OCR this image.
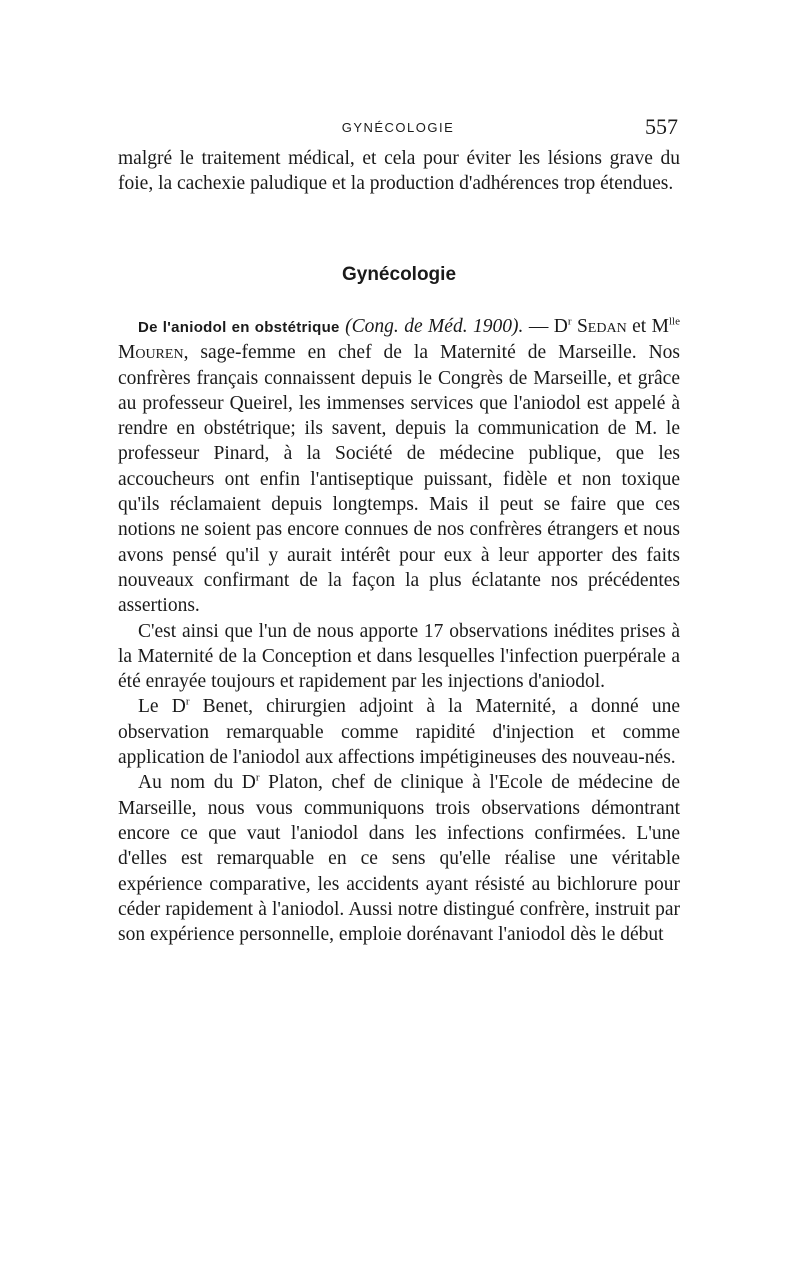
GYNÉCOLOGIE	557

malgré le traitement médical, et cela pour éviter les lésions grave du foie, la cachexie paludique et la production d'adhérences trop étendues.

Gynécologie

De l'aniodol en obstétrique (Cong. de Méd. 1900). — $D^r$ Sedan et $M^{lle}$ Mouren, sage-femme en chef de la Maternité de Marseille. Nos confrères français connaissent depuis le Congrès de Marseille, et grâce au professeur Queirel, les immenses services que l'aniodol est appelé à rendre en obstétrique; ils savent, depuis la communication de M. le professeur Pinard, à la Société de médecine publique, que les accoucheurs ont enfin l'antiseptique puissant, fidèle et non toxique qu'ils réclamaient depuis longtemps. Mais il peut se faire que ces notions ne soient pas encore connues de nos confrères étrangers et nous avons pensé qu'il y aurait intérêt pour eux à leur apporter des faits nouveaux confirmant de la façon la plus éclatante nos précédentes assertions.

C'est ainsi que l'un de nous apporte 17 observations inédites prises à la Maternité de la Conception et dans lesquelles l'infection puerpérale a été enrayée toujours et rapidement par les injections d'aniodol.

Le $D^r$ Benet, chirurgien adjoint à la Maternité, a donné une observation remarquable comme rapidité d'injection et comme application de l'aniodol aux affections impétigineuses des nouveau-nés.

Au nom du $D^r$ Platon, chef de clinique à l'Ecole de médecine de Marseille, nous vous communiquons trois observations démontrant encore ce que vaut l'aniodol dans les infections confirmées. L'une d'elles est remarquable en ce sens qu'elle réalise une véritable expérience comparative, les accidents ayant résisté au bichlorure pour céder rapidement à l'aniodol. Aussi notre distingué confrère, instruit par son expérience personnelle, emploie dorénavant l'aniodol dès le début
